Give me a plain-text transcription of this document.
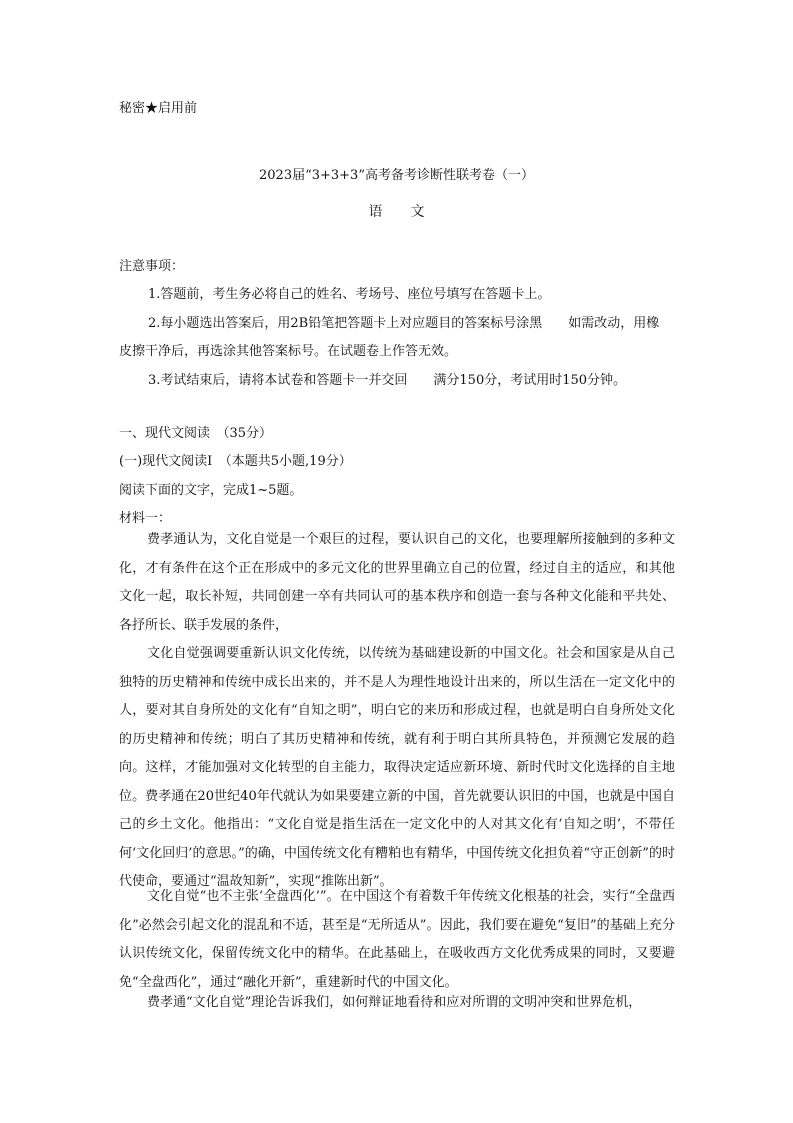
秘密★启用前
2023届“3+3+3”高考备考诊断性联考卷（一）
语文
注意事项：
1.答题前，考生务必将自己的姓名、考场号、座位号填写在答题卡上。
2.每小题选出答案后，用2B铅笔把答题卡上对应题目的答案标号涂黑　　如需改动，用橡
皮擦干净后，再选涂其他答案标号。在试题卷上作答无效。
3.考试结束后，请将本试卷和答题卡一并交回　　满分150分，考试用时150分钟。
一、现代文阅读　（35分）
(一)现代文阅读Ⅰ　（本题共5小题,19分）
阅读下面的文字，完成1~5题。
材料一：
费孝通认为，文化自觉是一个艰巨的过程，要认识自己的文化，也要理解所接触到的多种文化，才有条件在这个正在形成中的多元文化的世界里确立自己的位置，经过自主的适应，和其他文化一起，取长补短，共同创建一卒有共同认可的基本秩序和创造一套与各种文化能和平共处、各抒所长、联手发展的条件，
文化自觉强调要重新认识文化传统，以传统为基础建设新的中国文化。社会和国家是从自己独特的历史精神和传统中成长出来的，并不是人为理性地设计出来的，所以生活在一定文化中的人，要对其自身所处的文化有“自知之明”，明白它的来历和形成过程，也就是明白自身所处文化的历史精神和传统；明白了其历史精神和传统，就有利于明白其所具特色，并预测它发展的趋向。这样，才能加强对文化转型的自主能力，取得决定适应新环境、新时代时文化选择的自主地位。费孝通在20世纪40年代就认为如果要建立新的中国，首先就要认识旧的中国，也就是中国自己的乡土文化。他指出：“文化自觉是指生活在一定文化中的人对其文化有‘自知之明’，不带任何‘文化回归’的意思。”的确，中国传统文化有糟粕也有精华，中国传统文化担负着“守正创新”的时代使命，要通过“温故知新”，实现“推陈出新”。
文化自觉“也不主张‘全盘西化’”。在中国这个有着数千年传统文化根基的社会，实行“全盘西化”必然会引起文化的混乱和不适，甚至是“无所适从”。因此，我们要在避免“复旧”的基础上充分认识传统文化，保留传统文化中的精华。在此基础上，在吸收西方文化优秀成果的同时，又要避免“全盘西化”，通过“融化开新”，重建新时代的中国文化。
费孝通“文化自觉”理论告诉我们，如何辩证地看待和应对所谓的文明冲突和世界危机，
